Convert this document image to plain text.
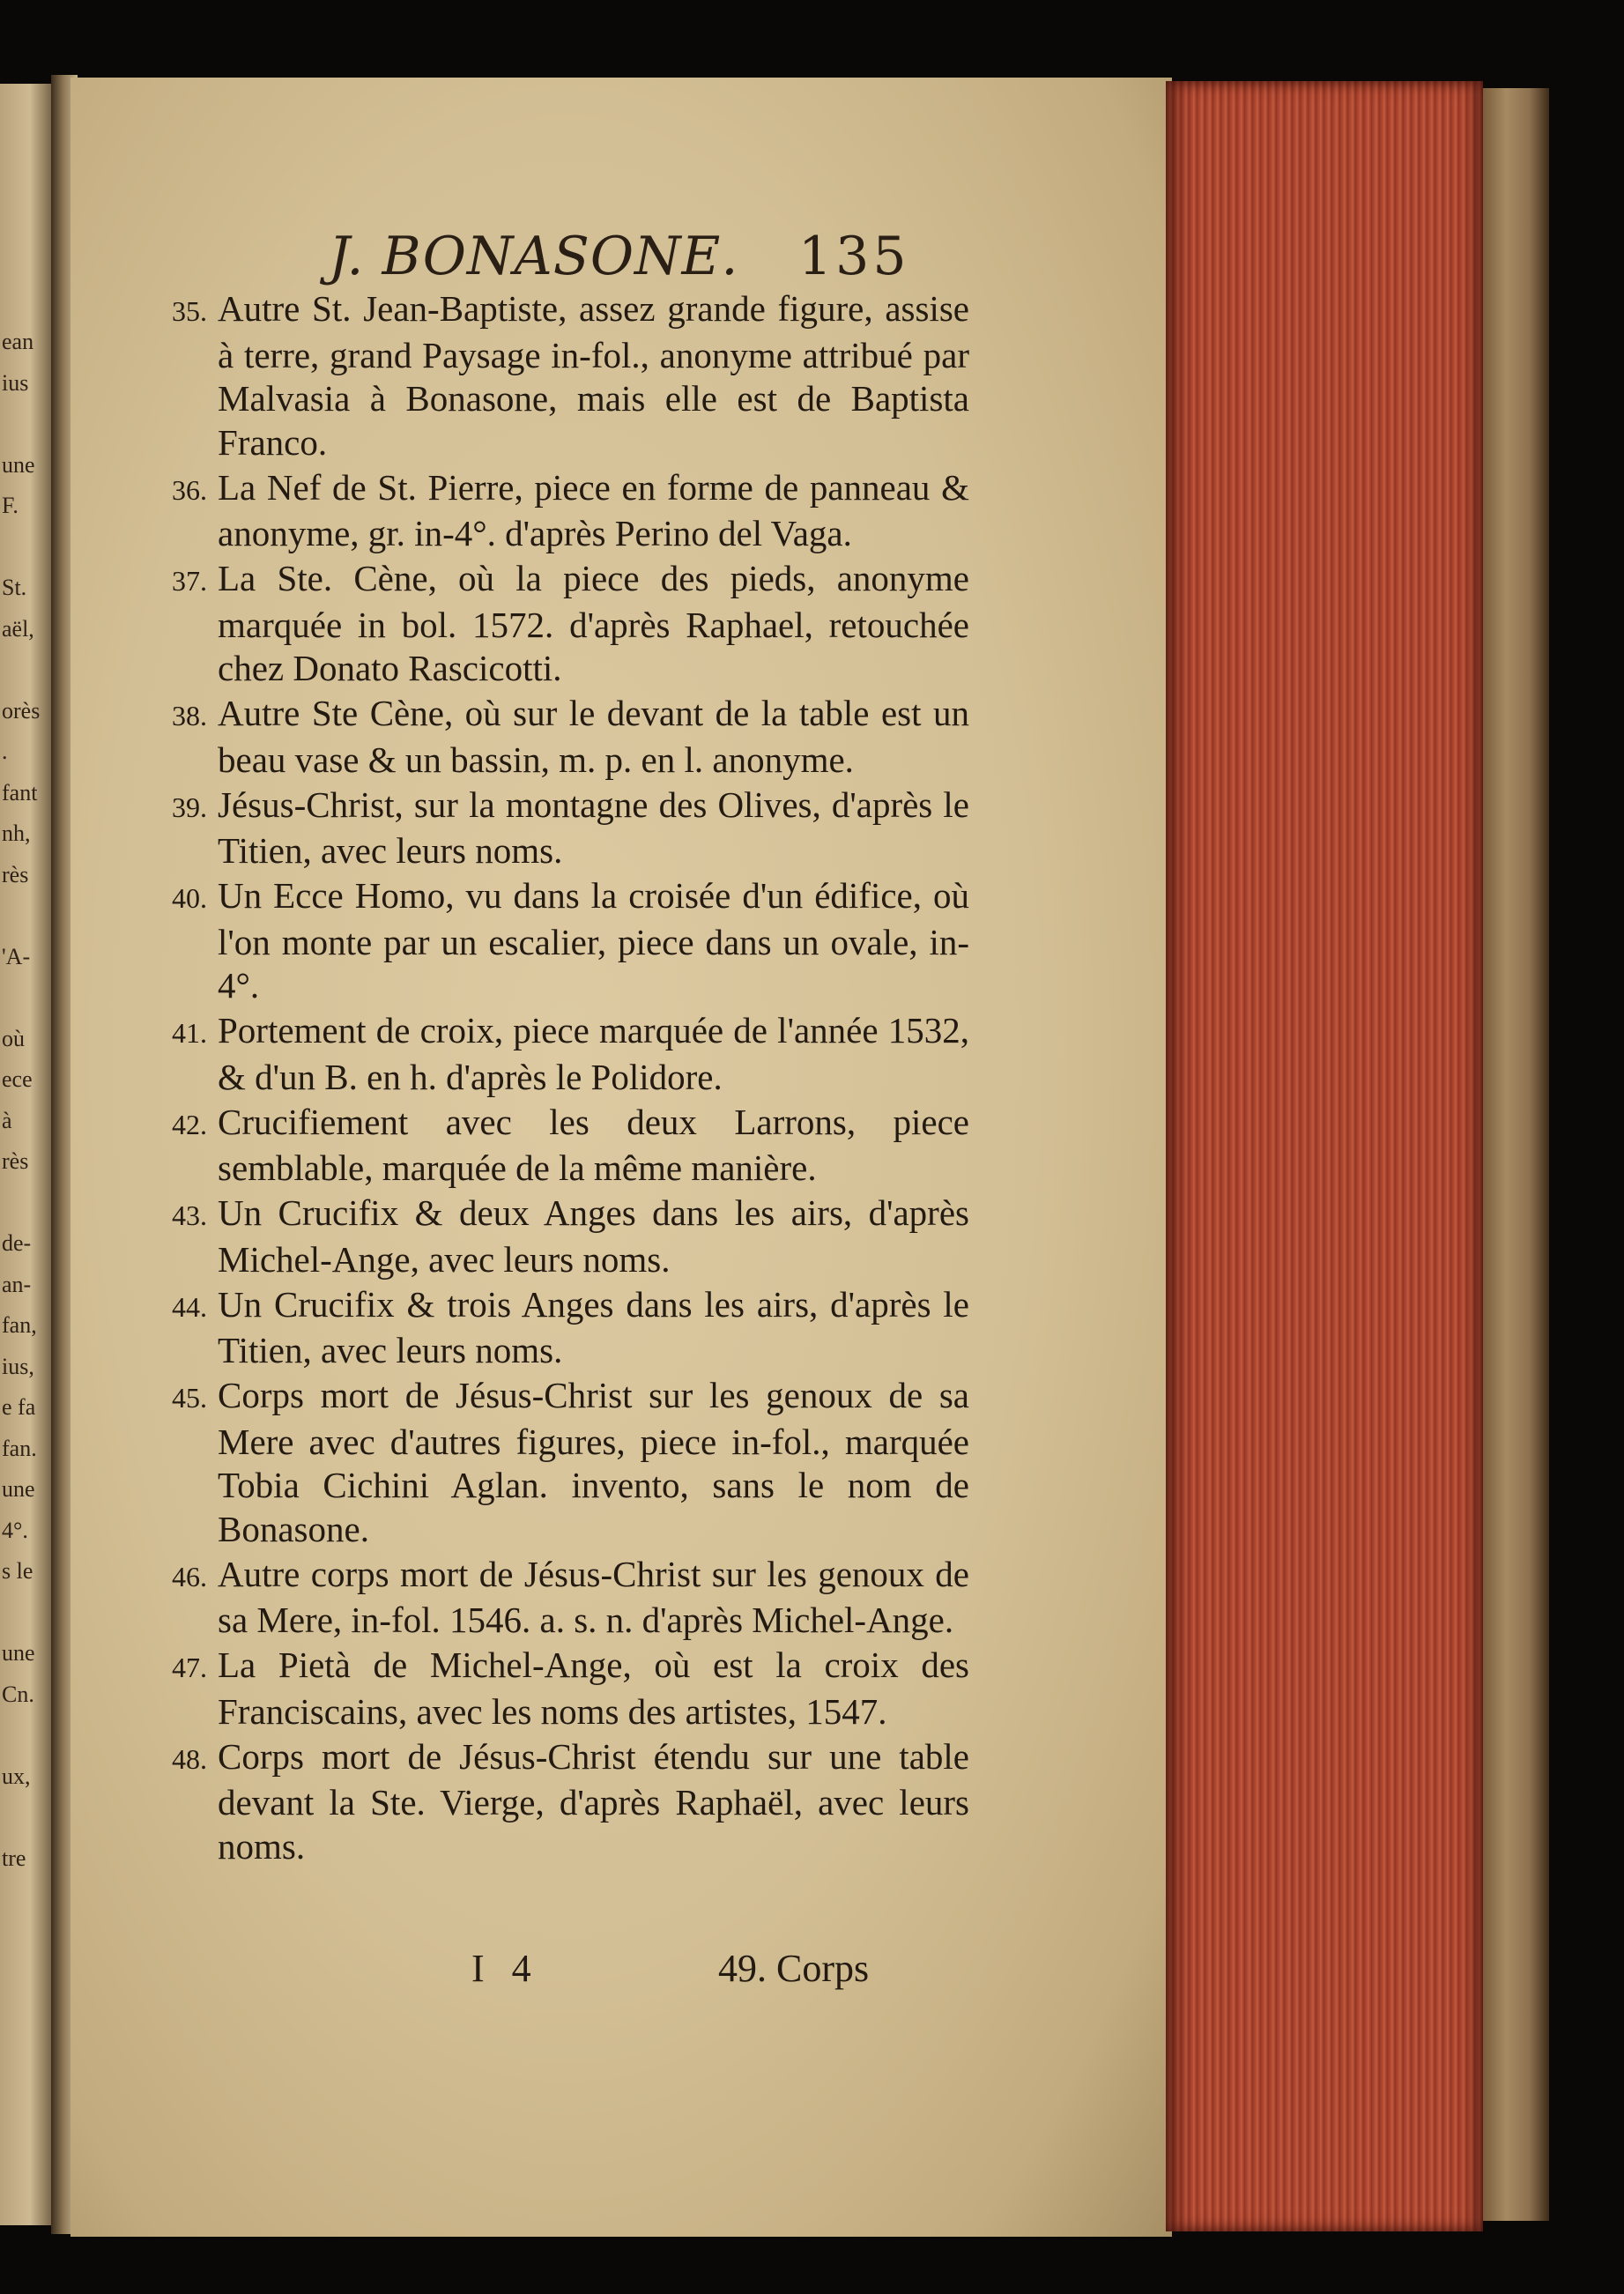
ean
ius
une
F.
St.
aël,
orès
.
fant
nh,
rès
'A-
où
ece
à
rès
de-
an-
fan,
ius,
e fa
fan.
une
4°.
s le
une
Cn.
ux,
tre
J. BONASONE. 135

35. Autre St. Jean-Baptiste, assez grande figure, assise à terre, grand Paysage in-fol., anonyme attribué par Malvasia à Bonasone, mais elle est de Baptista Franco.

36. La Nef de St. Pierre, piece en forme de panneau & anonyme, gr. in-4°. d'après Perino del Vaga.

37. La Ste. Cène, où la piece des pieds, anonyme marquée in bol. 1572. d'après Raphael, retouchée chez Donato Rascicotti.

38. Autre Ste Cène, où sur le devant de la table est un beau vase & un bassin, m. p. en l. anonyme.

39. Jésus-Christ, sur la montagne des Olives, d'après le Titien, avec leurs noms.

40. Un Ecce Homo, vu dans la croisée d'un édifice, où l'on monte par un escalier, piece dans un ovale, in-4°.

41. Portement de croix, piece marquée de l'année 1532, & d'un B. en h. d'après le Polidore.

42. Crucifiement avec les deux Larrons, piece semblable, marquée de la même manière.

43. Un Crucifix & deux Anges dans les airs, d'après Michel-Ange, avec leurs noms.

44. Un Crucifix & trois Anges dans les airs, d'après le Titien, avec leurs noms.

45. Corps mort de Jésus-Christ sur les genoux de sa Mere avec d'autres figures, piece in-fol., marquée Tobia Cichini Aglan. invento, sans le nom de Bonasone.

46. Autre corps mort de Jésus-Christ sur les genoux de sa Mere, in-fol. 1546. a. s. n. d'après Michel-Ange.

47. La Pietà de Michel-Ange, où est la croix des Franciscains, avec les noms des artistes, 1547.

48. Corps mort de Jésus-Christ étendu sur une table devant la Ste. Vierge, d'après Raphaël, avec leurs noms.

I 4	49. Corps
